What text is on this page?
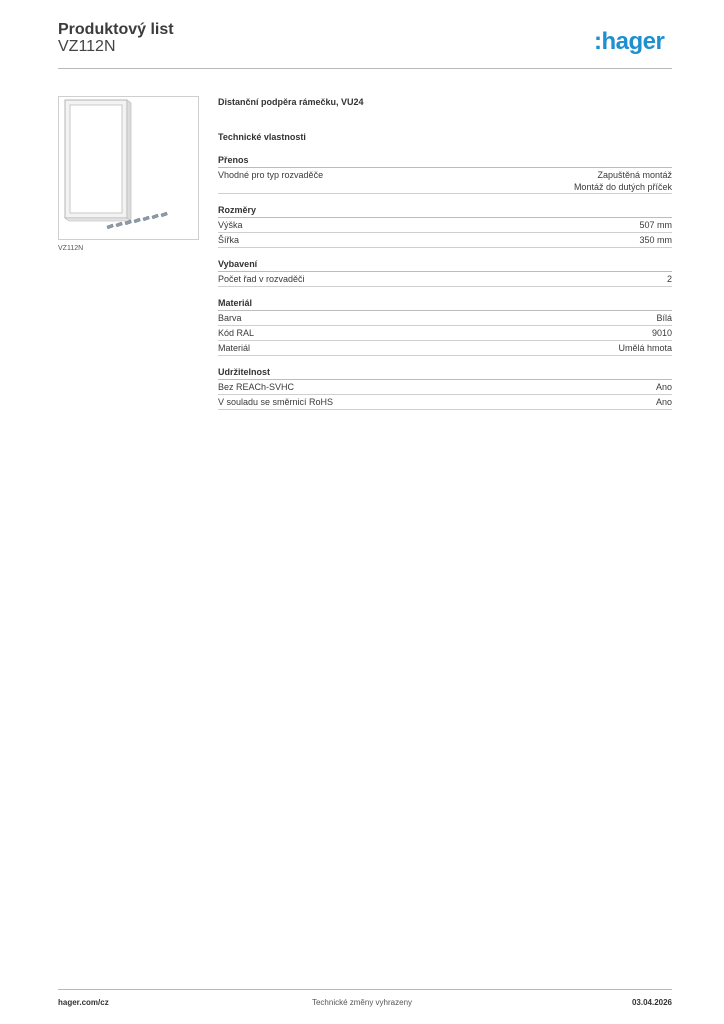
Produktový list
VZ112N	:hager
VZ112N
Distanční podpěra rámečku, VU24
Technické vlastnosti
Přenos
Vhodné pro typ rozvaděče	Zapuštěná montáž
Montáž do dutých příček
Rozměry
Výška	507 mm
Šířka	350 mm
Vybavení
Počet řad v rozvaděči	2
Materiál
Barva	Bílá
Kód RAL	9010
Materiál	Umělá hmota
Udržitelnost
Bez REACh-SVHC	Ano
V souladu se směrnicí RoHS	Ano
hager.com/cz	Technické změny vyhrazeny	03.04.2026
